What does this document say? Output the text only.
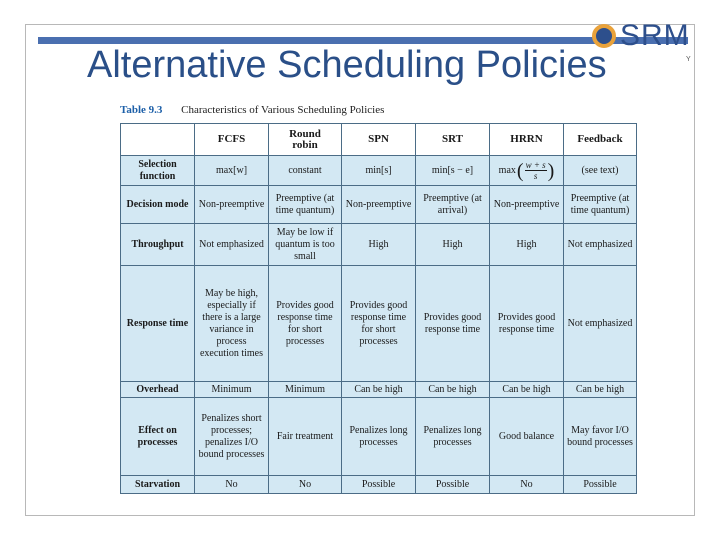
SRM
Y
Alternative Scheduling Policies
Table 9.3 Characteristics of Various Scheduling Policies
	FCFS	Round robin	SPN	SRT	HRRN	Feedback
Selection function	max[w]	constant	min[s]	min[s − e]	max ( $\frac{w + s}{s}$ )	(see text)
Decision mode	Non-preemptive	Preemptive (at time quantum)	Non-preemptive	Preemptive (at arrival)	Non-preemptive	Preemptive (at time quantum)
Throughput	Not emphasized	May be low if quantum is too small	High	High	High	Not emphasized
Response time	May be high, especially if there is a large variance in process execution times	Provides good response time for short processes	Provides good response time for short processes	Provides good response time	Provides good response time	Not emphasized
Overhead	Minimum	Minimum	Can be high	Can be high	Can be high	Can be high
Effect on processes	Penalizes short processes; penalizes I/O bound processes	Fair treatment	Penalizes long processes	Penalizes long processes	Good balance	May favor I/O bound processes
Starvation	No	No	Possible	Possible	No	Possible
